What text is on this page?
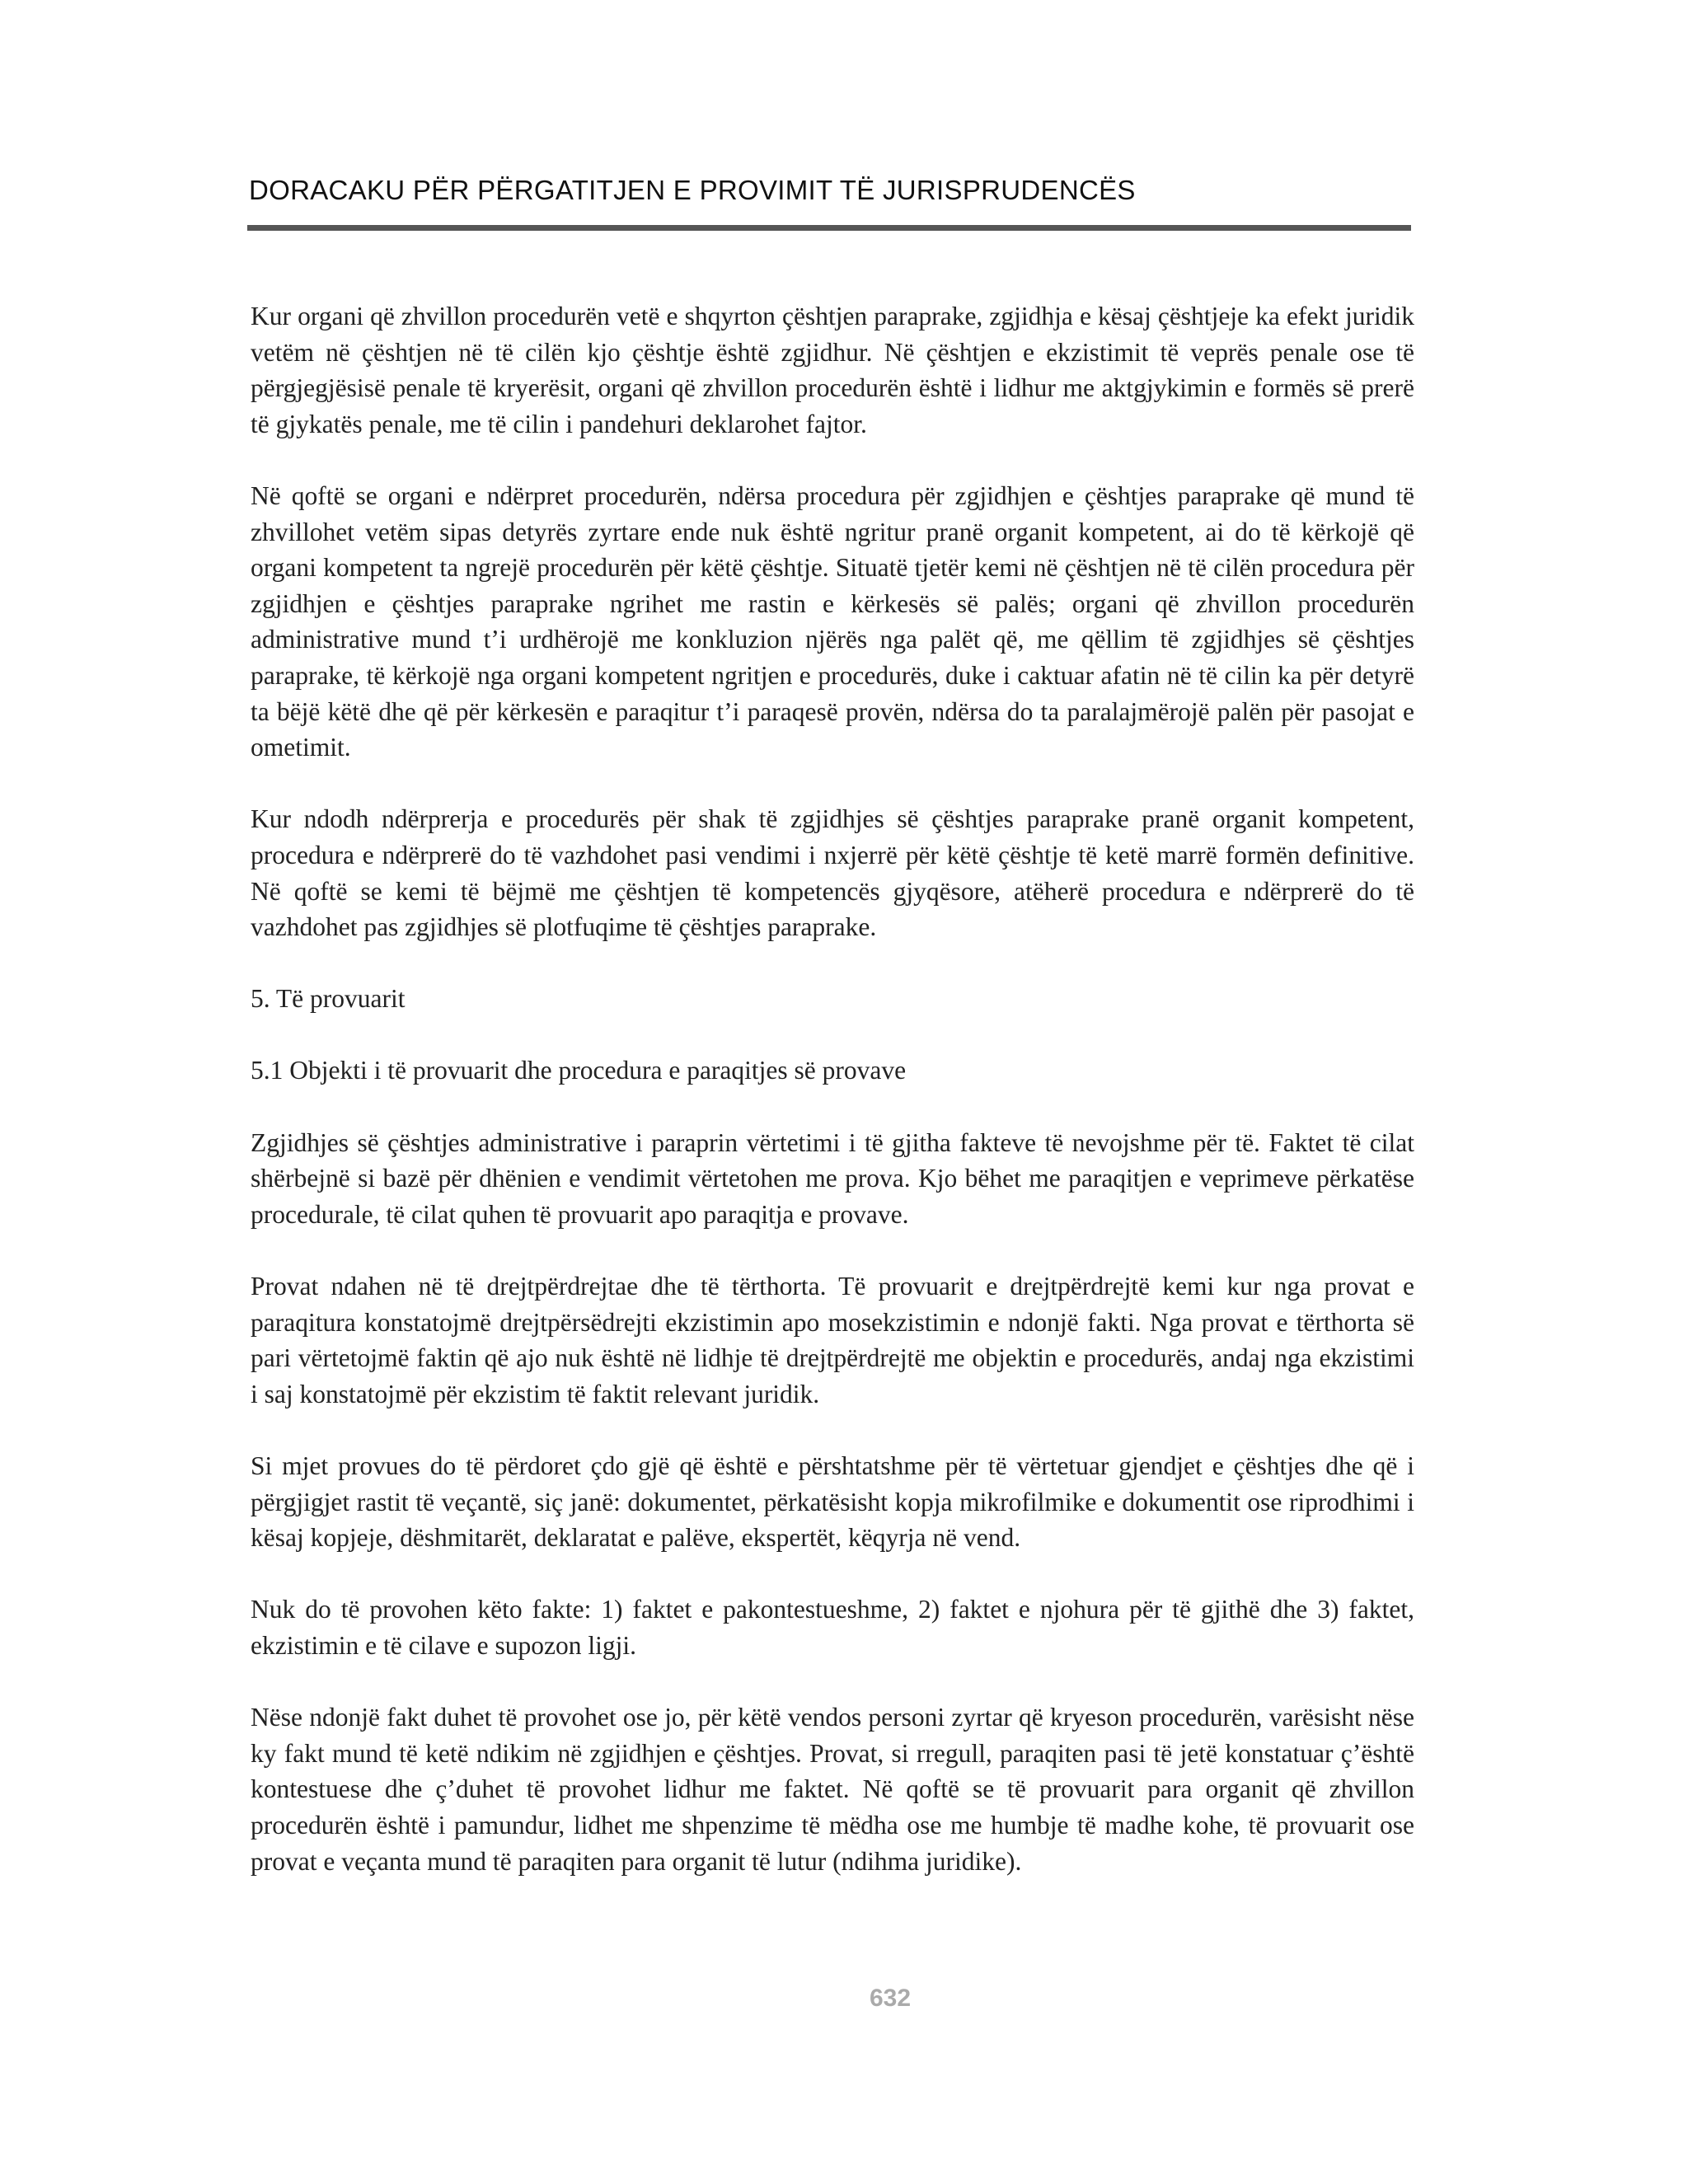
DORACAKU PËR PËRGATITJEN E PROVIMIT TË JURISPRUDENCËS

Kur organi që zhvillon procedurën vetë e shqyrton çështjen paraprake, zgjidhja e kësaj çështjeje ka efekt juridik vetëm në çështjen në të cilën kjo çështje është zgjidhur. Në çështjen e ekzistimit të veprës penale ose të përgjegjësisë penale të kryerësit, organi që zhvillon procedurën është i lidhur me aktgjykimin e formës së prerë të gjykatës penale, me të cilin i pandehuri deklarohet fajtor.

Në qoftë se organi e ndërpret procedurën, ndërsa procedura për zgjidhjen e çështjes paraprake që mund të zhvillohet vetëm sipas detyrës zyrtare ende nuk është ngritur pranë organit kompetent, ai do të kërkojë që organi kompetent ta ngrejë procedurën për këtë çështje. Situatë tjetër kemi në çështjen në të cilën procedura për zgjidhjen e çështjes paraprake ngrihet me rastin e kërkesës së palës; organi që zhvillon procedurën administrative mund t’i urdhërojë me konkluzion njërës nga palët që, me qëllim të zgjidhjes së çështjes paraprake, të kërkojë nga organi kompetent ngritjen e procedurës, duke i caktuar afatin në të cilin ka për detyrë ta bëjë këtë dhe që për kërkesën e paraqitur t’i paraqesë provën, ndërsa do ta paralajmërojë palën për pasojat e ometimit.

Kur ndodh ndërprerja e procedurës për shak të zgjidhjes së çështjes paraprake pranë organit kompetent, procedura e ndërprerë do të vazhdohet pasi vendimi i nxjerrë për këtë çështje të ketë marrë formën definitive. Në qoftë se kemi të bëjmë me çështjen të kompetencës gjyqësore, atëherë procedura e ndërprerë do të vazhdohet pas zgjidhjes së plotfuqime të çështjes paraprake.

5. Të provuarit

5.1 Objekti i të provuarit dhe procedura e paraqitjes së provave

Zgjidhjes së çështjes administrative i paraprin vërtetimi i të gjitha fakteve të nevojshme për të. Faktet të cilat shërbejnë si bazë për dhënien e vendimit vërtetohen me prova. Kjo bëhet me paraqitjen e veprimeve përkatëse procedurale, të cilat quhen të provuarit apo paraqitja e provave.

Provat ndahen në të drejtpërdrejtae dhe të tërthorta. Të provuarit e drejtpërdrejtë kemi kur nga provat e paraqitura konstatojmë drejtpërsëdrejti ekzistimin apo mosekzistimin e ndonjë fakti. Nga provat e tërthorta së pari vërtetojmë faktin që ajo nuk është në lidhje të drejtpërdrejtë me objektin e procedurës, andaj nga ekzistimi i saj konstatojmë për ekzistim të faktit relevant juridik.

Si mjet provues do të përdoret çdo gjë që është e përshtatshme për të vërtetuar gjendjet e çështjes dhe që i përgjigjet rastit të veçantë, siç janë: dokumentet, përkatësisht kopja mikrofilmike e dokumentit ose riprodhimi i kësaj kopjeje, dëshmitarët, deklaratat e palëve, ekspertët, këqyrja në vend.

Nuk do të provohen këto fakte: 1) faktet e pakontestueshme, 2) faktet e njohura për të gjithë dhe 3) faktet, ekzistimin e të cilave e supozon ligji.

Nëse ndonjë fakt duhet të provohet ose jo, për këtë vendos personi zyrtar që kryeson procedurën, varësisht nëse ky fakt mund të ketë ndikim në zgjidhjen e çështjes. Provat, si rregull, paraqiten pasi të jetë konstatuar ç’është kontestuese dhe ç’duhet të provohet lidhur me faktet. Në qoftë se të provuarit para organit që zhvillon procedurën është i pamundur, lidhet me shpenzime të mëdha ose me humbje të madhe kohe, të provuarit ose provat e veçanta mund të paraqiten para organit të lutur (ndihma juridike).

632
